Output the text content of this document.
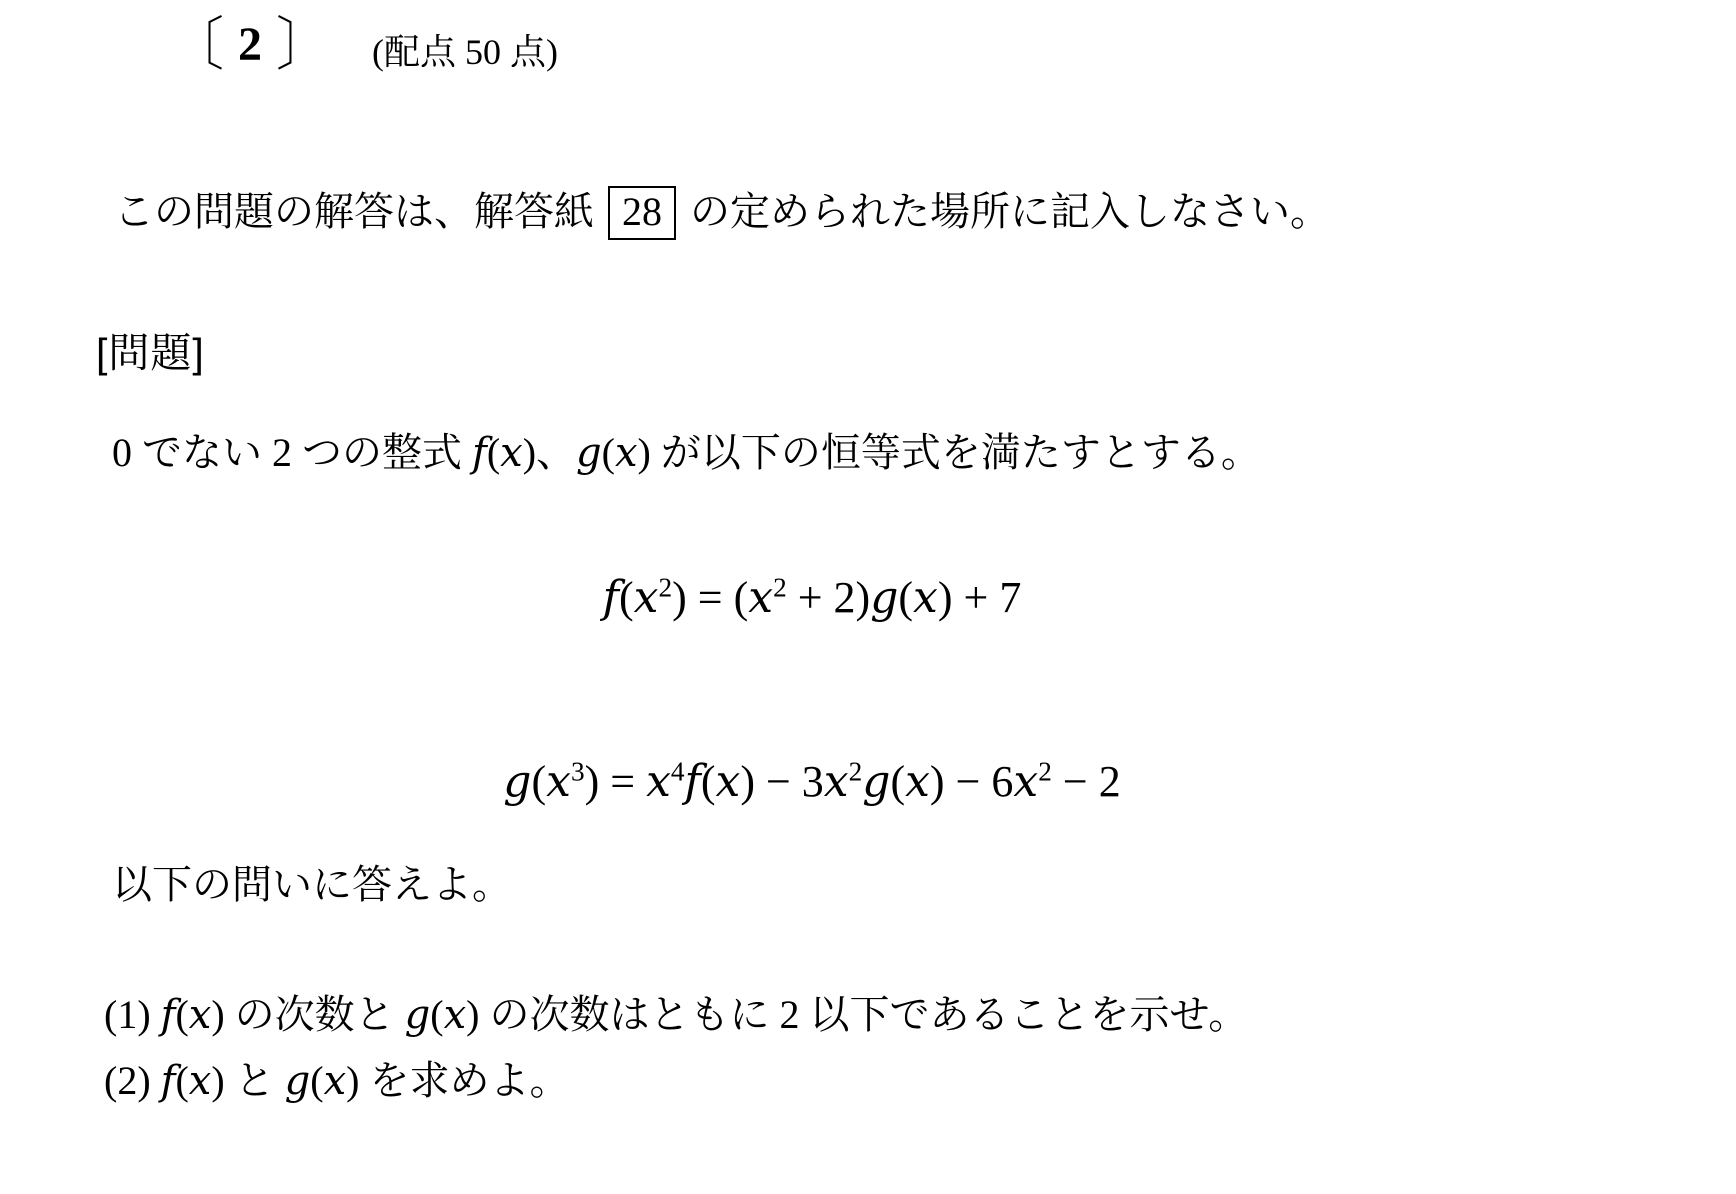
〔 2 〕 (配点 50 点)
この問題の解答は、解答紙 28 の定められた場所に記入しなさい。
[問題]
0 でない 2 つの整式 f(x)、g(x) が以下の恒等式を満たすとする。
$f(x^2) = (x^2 + 2)g(x) + 7$
$g(x^3) = x^4f(x) - 3x^2g(x) - 6x^2 - 2$
以下の問いに答えよ。
(1) f(x) の次数と g(x) の次数はともに 2 以下であることを示せ。
(2) f(x) と g(x) を求めよ。
